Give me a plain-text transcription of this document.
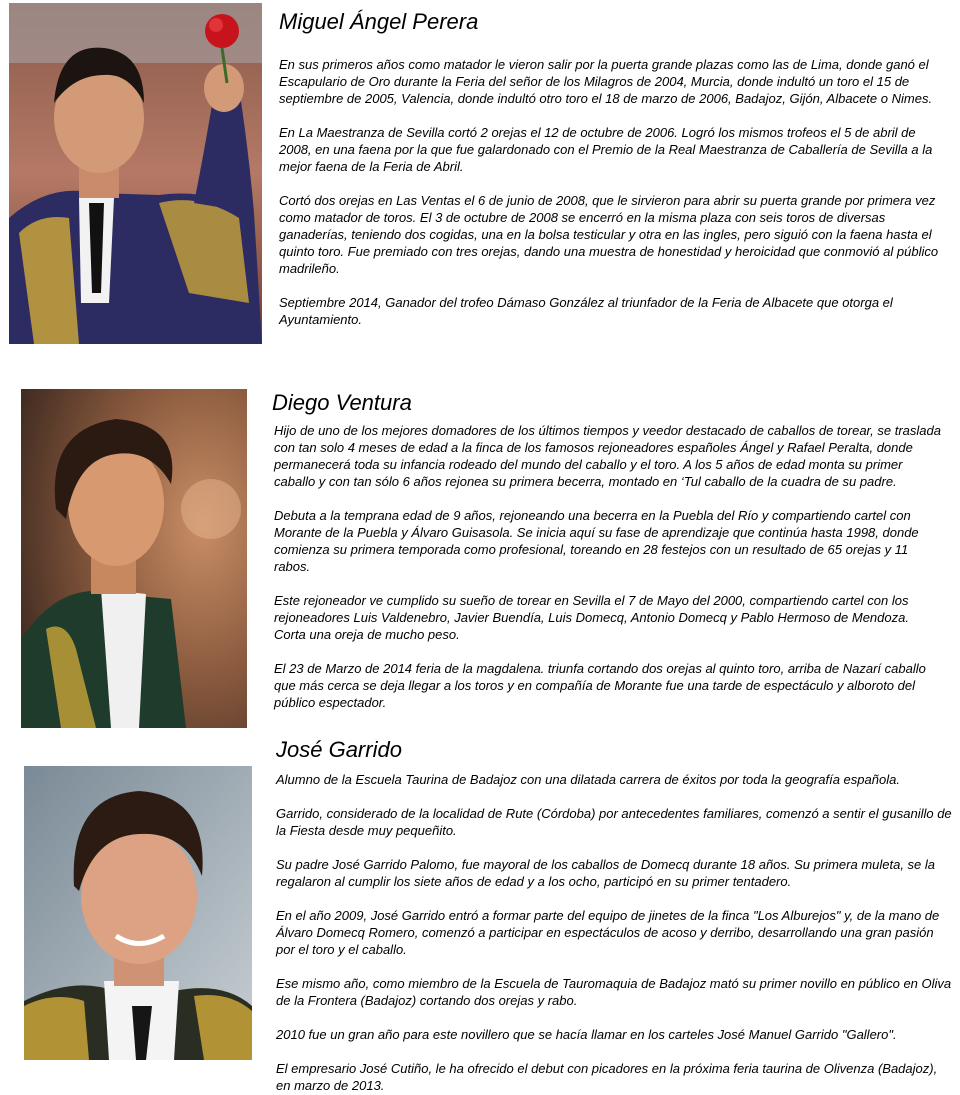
Miguel Ángel Perera

En sus primeros años como matador le vieron salir por la puerta grande plazas como las de Lima, donde ganó el Escapulario de Oro durante la Feria del señor de los Milagros de 2004, Murcia, donde indultó un toro el 15 de septiembre de 2005, Valencia, donde indultó otro toro el 18 de marzo de 2006, Badajoz, Gijón, Albacete o Nimes.

En La Maestranza de Sevilla cortó 2 orejas el 12 de octubre de 2006. Logró los mismos trofeos el 5 de abril de 2008, en una faena por la que fue galardonado con el Premio de la Real Maestranza de Caballería de Sevilla a la mejor faena de la Feria de Abril.

Cortó dos orejas en Las Ventas el 6 de junio de 2008, que le sirvieron para abrir su puerta grande por primera vez como matador de toros. El 3 de octubre de 2008 se encerró en la misma plaza con seis toros de diversas ganaderías, teniendo dos cogidas, una en la bolsa testicular y otra en las ingles, pero siguió con la faena hasta el quinto toro. Fue premiado con tres orejas, dando una muestra de honestidad y heroicidad que conmovió al público madrileño.

Septiembre 2014, Ganador del trofeo Dámaso González al triunfador de la Feria de Albacete que otorga el Ayuntamiento.

Diego Ventura

Hijo de uno de los mejores domadores de los últimos tiempos y veedor destacado de caballos de torear, se traslada con tan solo 4 meses de edad a la finca de los famosos rejoneadores españoles Ángel y Rafael Peralta, donde permanecerá toda su infancia rodeado del mundo del caballo y el toro. A los 5 años de edad monta su primer caballo y con tan sólo 6 años rejonea su primera becerra, montado en ‘Tul caballo de la cuadra de su padre.

Debuta a la temprana edad de 9 años, rejoneando una becerra en la Puebla del Río y compartiendo cartel con Morante de la Puebla y Álvaro Guisasola. Se inicia aquí su fase de aprendizaje que continúa hasta 1998, donde comienza su primera temporada como profesional, toreando en 28 festejos con un resultado de 65 orejas y 11 rabos.

Este rejoneador ve cumplido su sueño de torear en Sevilla el 7 de Mayo del 2000, compartiendo cartel con los rejoneadores Luis Valdenebro, Javier Buendía, Luis Domecq, Antonio Domecq y Pablo Hermoso de Mendoza. Corta una oreja de mucho peso.

El 23 de Marzo de 2014 feria de la magdalena. triunfa cortando dos orejas al quinto toro, arriba de Nazarí caballo que más cerca se deja llegar a los toros y en compañía de Morante fue una tarde de espectáculo y alboroto del público espectador.

José Garrido

Alumno de la Escuela Taurina de Badajoz con una dilatada carrera de éxitos por toda la geografía española.

Garrido, considerado de la localidad de Rute (Córdoba) por antecedentes familiares, comenzó a sentir el gusanillo de la Fiesta desde muy pequeñito.

Su padre José Garrido Palomo, fue mayoral de los caballos de Domecq durante 18 años. Su primera muleta, se la regalaron al cumplir los siete años de edad y a los ocho, participó en su primer tentadero.

En el año 2009, José Garrido entró a formar parte del equipo de jinetes de la finca "Los Alburejos" y, de la mano de Álvaro Domecq Romero, comenzó a participar en espectáculos de acoso y derribo, desarrollando una gran pasión por el toro y el caballo.

Ese mismo año, como miembro de la Escuela de Tauromaquia de Badajoz mató su primer novillo en público en Oliva de la Frontera (Badajoz) cortando dos orejas y rabo.

2010 fue un gran año para este novillero que se hacía llamar en los carteles José Manuel Garrido "Gallero".

El empresario José Cutiño, le ha ofrecido el debut con picadores en la próxima feria taurina de Olivenza (Badajoz), en marzo de 2013.
